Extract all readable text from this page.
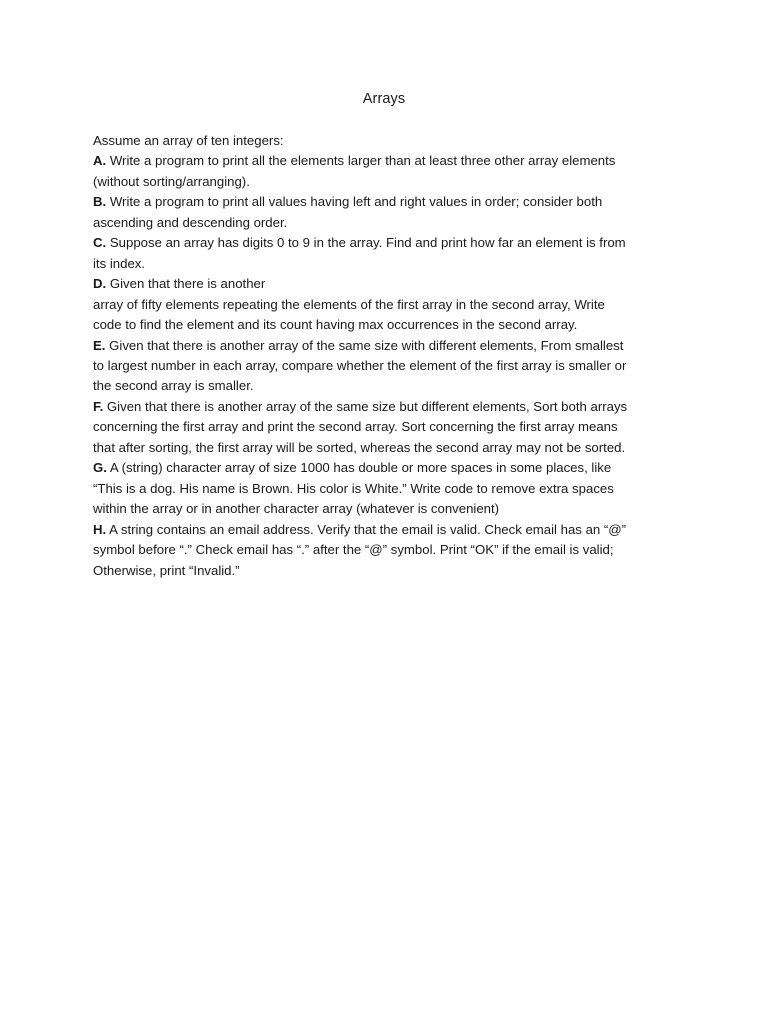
Arrays
Assume an array of ten integers:
A. Write a program to print all the elements larger than at least three other array elements
(without sorting/arranging).
B. Write a program to print all values having left and right values in order; consider both
ascending and descending order.
C. Suppose an array has digits 0 to 9 in the array. Find and print how far an element is from
its index.
D. Given that there is another
array of fifty elements repeating the elements of the first array in the second array, Write
code to find the element and its count having max occurrences in the second array.
E. Given that there is another array of the same size with different elements, From smallest
to largest number in each array, compare whether the element of the first array is smaller or
the second array is smaller.
F. Given that there is another array of the same size but different elements, Sort both arrays
concerning the first array and print the second array. Sort concerning the first array means
that after sorting, the first array will be sorted, whereas the second array may not be sorted.
G. A (string) character array of size 1000 has double or more spaces in some places, like
“This is a dog. His name is Brown. His color is White.” Write code to remove extra spaces
within the array or in another character array (whatever is convenient)
H. A string contains an email address. Verify that the email is valid. Check email has an “@”
symbol before “.” Check email has “.” after the “@” symbol. Print “OK” if the email is valid;
Otherwise, print “Invalid.”
